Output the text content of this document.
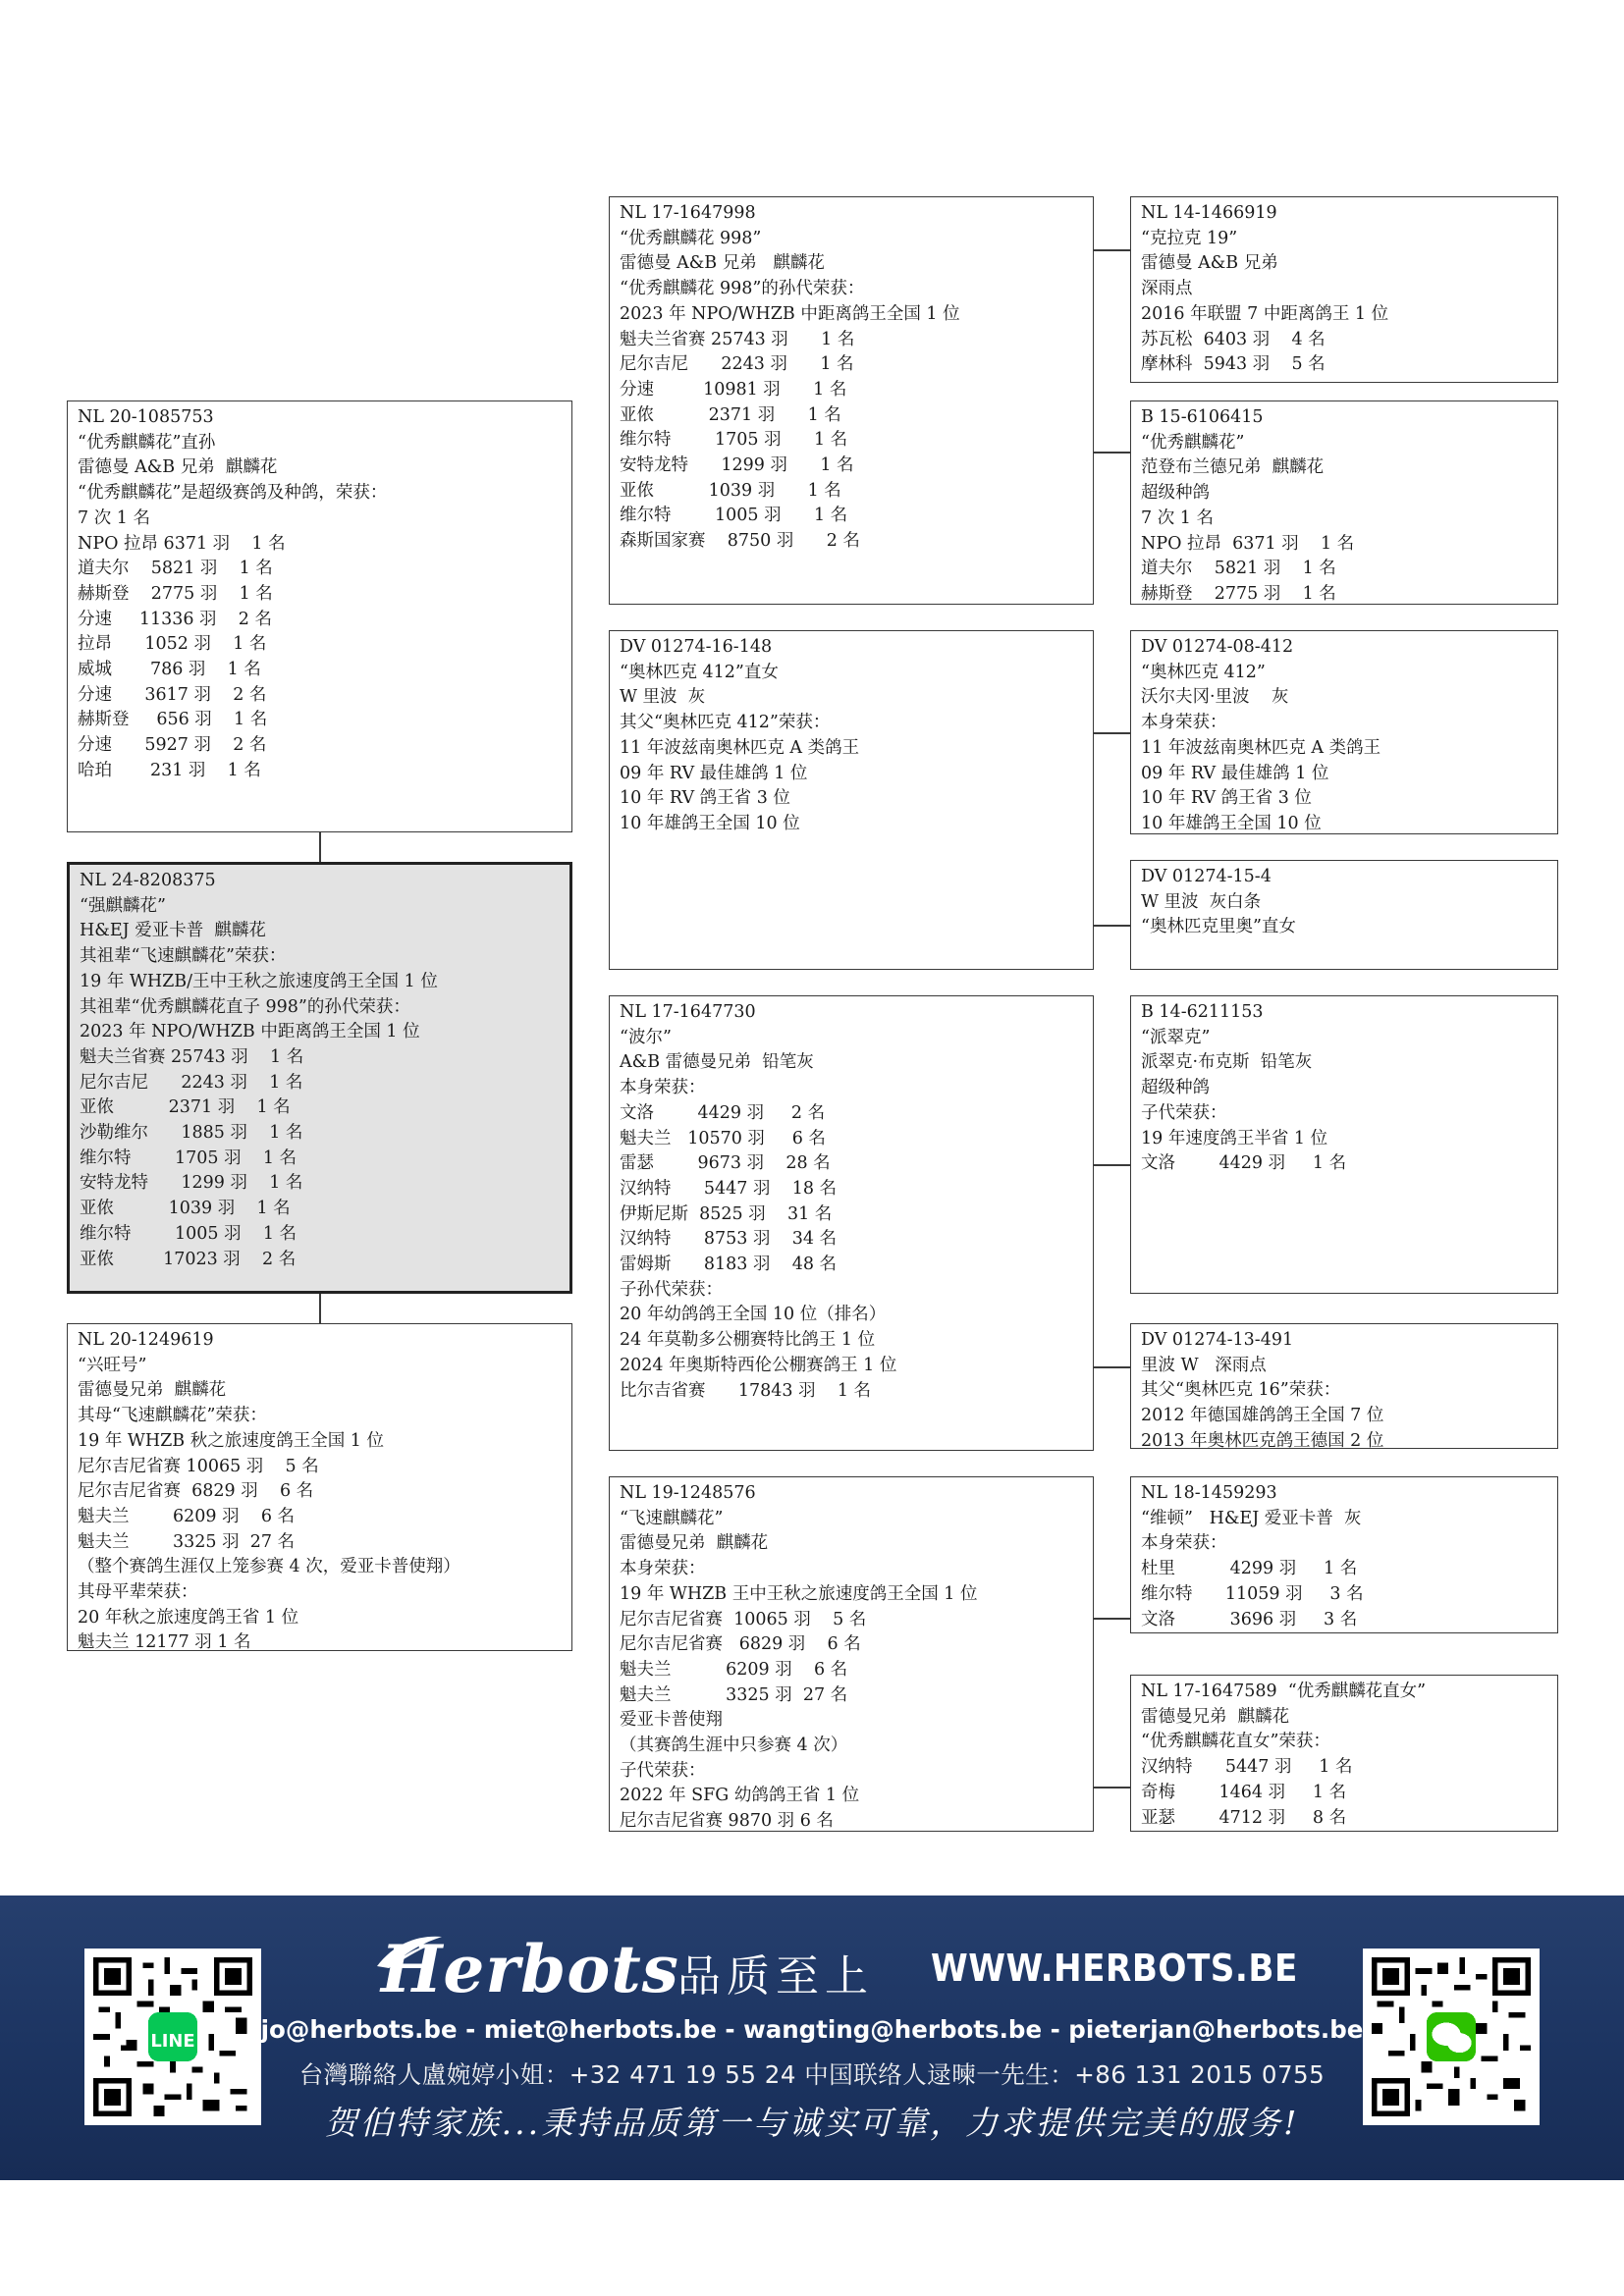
NL 20-1085753
“优秀麒麟花”直孙
雷德曼 A&B 兄弟  麒麟花
“优秀麒麟花”是超级赛鸽及种鸽，荣获：
7 次 1 名
NPO 拉昂 6371 羽    1 名
道夫尔    5821 羽    1 名
赫斯登    2775 羽    1 名
分速     11336 羽    2 名
拉昂      1052 羽    1 名
威城       786 羽    1 名
分速      3617 羽    2 名
赫斯登     656 羽    1 名
分速      5927 羽    2 名
哈珀       231 羽    1 名
NL 24-8208375
“强麒麟花”
H&EJ 爱亚卡普  麒麟花
其祖辈“飞速麒麟花”荣获：
19 年 WHZB/王中王秋之旅速度鸽王全国 1 位
其祖辈“优秀麒麟花直子 998”的孙代荣获：
2023 年 NPO/WHZB 中距离鸽王全国 1 位
魁夫兰省赛 25743 羽    1 名
尼尔吉尼      2243 羽    1 名
亚侬          2371 羽    1 名
沙勒维尔      1885 羽    1 名
维尔特        1705 羽    1 名
安特龙特      1299 羽    1 名
亚侬          1039 羽    1 名
维尔特        1005 羽    1 名
亚侬         17023 羽    2 名
NL 20-1249619
“兴旺号”
雷德曼兄弟  麒麟花
其母“飞速麒麟花”荣获：
19 年 WHZB 秋之旅速度鸽王全国 1 位
尼尔吉尼省赛 10065 羽    5 名
尼尔吉尼省赛  6829 羽    6 名
魁夫兰        6209 羽    6 名
魁夫兰        3325 羽  27 名
（整个赛鸽生涯仅上笼参赛 4 次，爱亚卡普使翔）
其母平辈荣获：
20 年秋之旅速度鸽王省 1 位
魁夫兰 12177 羽 1 名
NL 17-1647998
“优秀麒麟花 998”
雷德曼 A&B 兄弟   麒麟花
“优秀麒麟花 998”的孙代荣获：
2023 年 NPO/WHZB 中距离鸽王全国 1 位
魁夫兰省赛 25743 羽      1 名
尼尔吉尼      2243 羽      1 名
分速         10981 羽      1 名
亚侬          2371 羽      1 名
维尔特        1705 羽      1 名
安特龙特      1299 羽      1 名
亚侬          1039 羽      1 名
维尔特        1005 羽      1 名
森斯国家赛    8750 羽      2 名
DV 01274-16-148
“奥林匹克 412”直女
W 里波  灰
其父“奥林匹克 412”荣获：
11 年波兹南奥林匹克 A 类鸽王
09 年 RV 最佳雄鸽 1 位
10 年 RV 鸽王省 3 位
10 年雄鸽王全国 10 位
NL 17-1647730
“波尔”
A&B 雷德曼兄弟  铅笔灰
本身荣获：
文洛        4429 羽     2 名
魁夫兰   10570 羽     6 名
雷瑟        9673 羽    28 名
汉纳特      5447 羽    18 名
伊斯尼斯  8525 羽    31 名
汉纳特      8753 羽    34 名
雷姆斯      8183 羽    48 名
子孙代荣获：
20 年幼鸽鸽王全国 10 位（排名）
24 年莫勒多公棚赛特比鸽王 1 位
2024 年奥斯特西伦公棚赛鸽王 1 位
比尔吉省赛      17843 羽    1 名
NL 19-1248576
“飞速麒麟花”
雷德曼兄弟  麒麟花
本身荣获：
19 年 WHZB 王中王秋之旅速度鸽王全国 1 位
尼尔吉尼省赛  10065 羽    5 名
尼尔吉尼省赛   6829 羽    6 名
魁夫兰          6209 羽    6 名
魁夫兰          3325 羽  27 名
爱亚卡普使翔
（其赛鸽生涯中只参赛 4 次）
子代荣获：
2022 年 SFG 幼鸽鸽王省 1 位
尼尔吉尼省赛 9870 羽 6 名
NL 14-1466919
“克拉克 19”
雷德曼 A&B 兄弟
深雨点
2016 年联盟 7 中距离鸽王 1 位
苏瓦松  6403 羽    4 名
摩林科  5943 羽    5 名
B 15-6106415
“优秀麒麟花”
范登布兰德兄弟  麒麟花
超级种鸽
7 次 1 名
NPO 拉昂  6371 羽    1 名
道夫尔    5821 羽    1 名
赫斯登    2775 羽    1 名
DV 01274-08-412
“奥林匹克 412”
沃尔夫冈·里波    灰
本身荣获：
11 年波兹南奥林匹克 A 类鸽王
09 年 RV 最佳雄鸽 1 位
10 年 RV 鸽王省 3 位
10 年雄鸽王全国 10 位
DV 01274-15-4
W 里波  灰白条
“奥林匹克里奥”直女
B 14-6211153
“派翠克”
派翠克·布克斯  铅笔灰
超级种鸽
子代荣获：
19 年速度鸽王半省 1 位
文洛        4429 羽     1 名
DV 01274-13-491
里波 W   深雨点
其父“奥林匹克 16”荣获：
2012 年德国雄鸽鸽王全国 7 位
2013 年奥林匹克鸽王德国 2 位
NL 18-1459293
“维顿”   H&EJ 爱亚卡普  灰
本身荣获：
杜里          4299 羽     1 名
维尔特      11059 羽     3 名
文洛          3696 羽     3 名
NL 17-1647589  “优秀麒麟花直女”
雷德曼兄弟  麒麟花
“优秀麒麟花直女”荣获：
汉纳特      5447 羽     1 名
奇梅        1464 羽     1 名
亚瑟        4712 羽     8 名
LINE
Herbots
品质至上 WWW.HERBOTS.BE
jo@herbots.be - miet@herbots.be - wangting@herbots.be - pieterjan@herbots.be
台灣聯絡人盧婉婷小姐：+32 471 19 55 24 中国联络人逯暕一先生：+86 131 2015 0755
贺伯特家族...秉持品质第一与诚实可靠，力求提供完美的服务!
